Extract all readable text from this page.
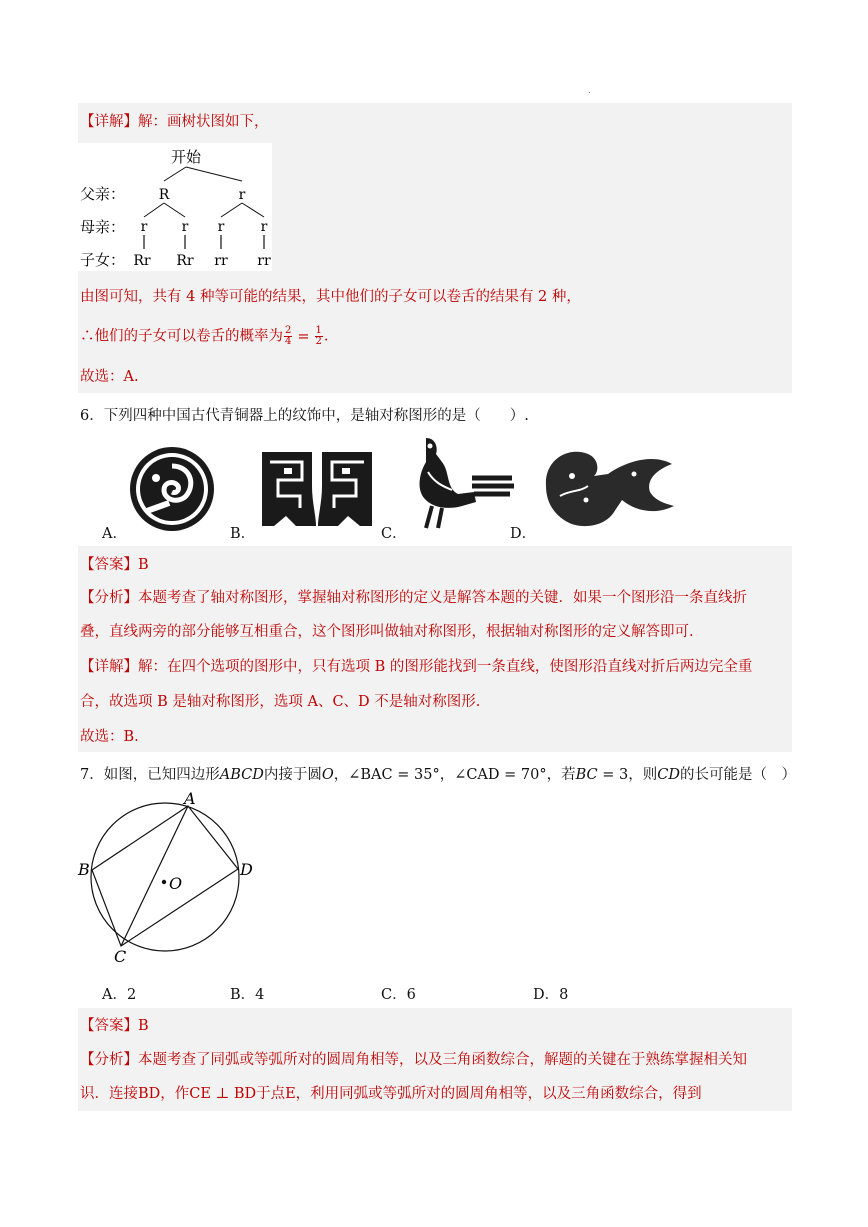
.
【详解】解：画树状图如下，
开始
父亲： R	r
母亲： r r r	r
子女： Rr Rr rr rr
由图可知，共有 4 种等可能的结果，其中他们的子女可以卷舌的结果有 2 种，
∴他们的子女可以卷舌的概率为 $\frac{2}{4} = \frac{1}{2}$ .
故选：A.
6．下列四种中国古代青铜器上的纹饰中，是轴对称图形的是（　　）.
A．	B．	C．	D．
【答案】B
【分析】本题考查了轴对称图形，掌握轴对称图形的定义是解答本题的关键．如果一个图形沿一条直线折
叠，直线两旁的部分能够互相重合，这个图形叫做轴对称图形，根据轴对称图形的定义解答即可.
【详解】解：在四个选项的图形中，只有选项 B 的图形能找到一条直线，使图形沿直线对折后两边完全重
合，故选项 B 是轴对称图形，选项 A、C、D 不是轴对称图形.
故选：B.
7．如图，已知四边形ABCD内接于圆O，∠BAC = 35°，∠CAD = 70°，若BC = 3，则CD的长可能是（　）
A
B
C
D
O
A．2	B．4	C．6	D．8
【答案】B
【分析】本题考查了同弧或等弧所对的圆周角相等，以及三角函数综合，解题的关键在于熟练掌握相关知
识．连接BD，作CE ⊥ BD于点E，利用同弧或等弧所对的圆周角相等，以及三角函数综合，得到
